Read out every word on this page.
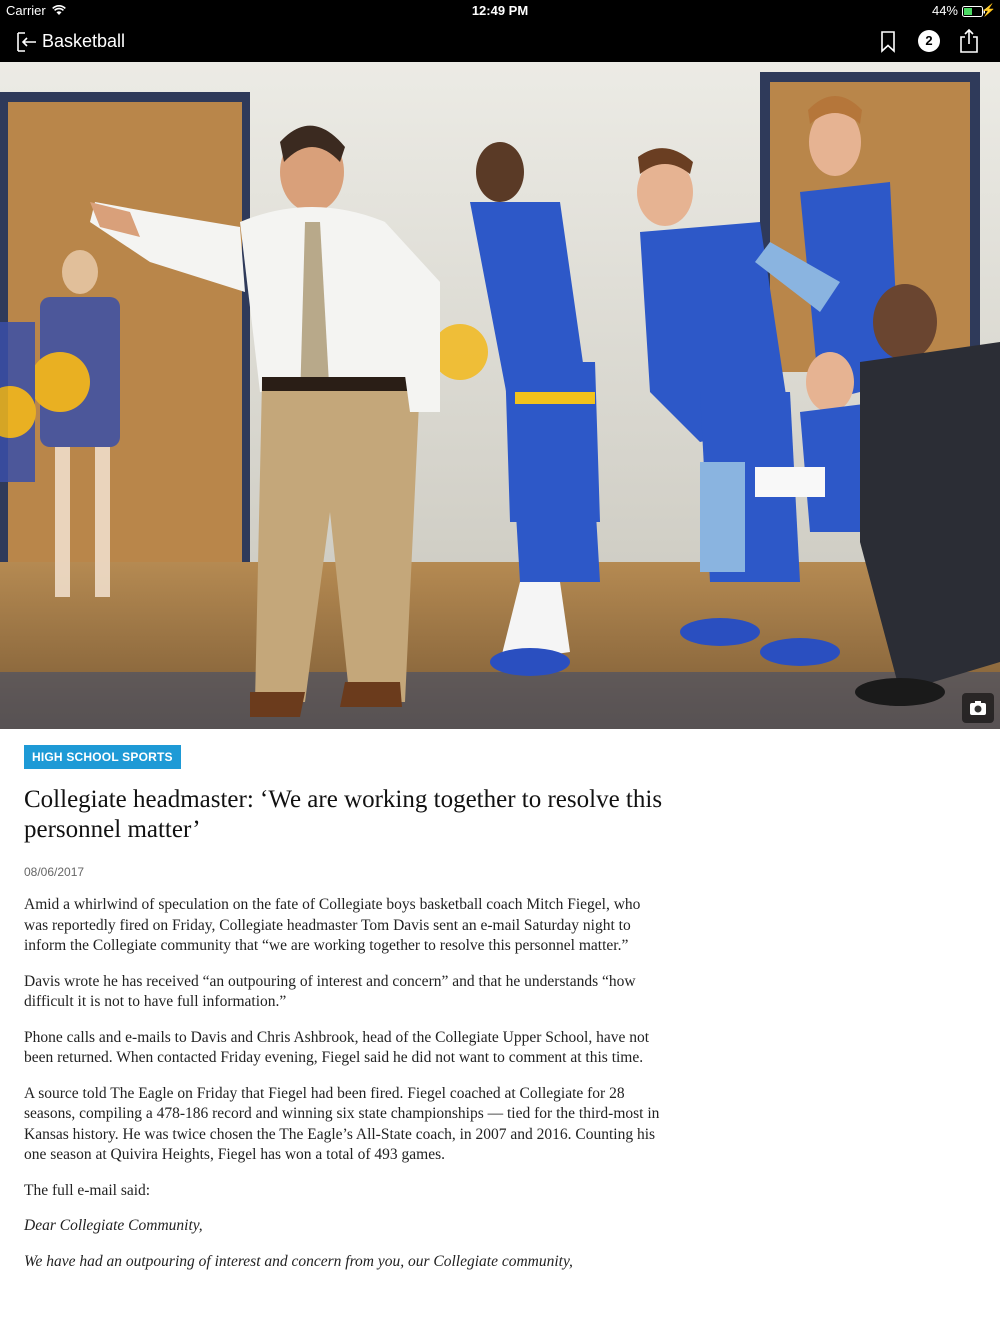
Carrier	12:49 PM	44% ⚡
Basketball	2
HIGH SCHOOL SPORTS
Collegiate headmaster: ‘We are working together to resolve this personnel matter’
08/06/2017

Amid a whirlwind of speculation on the fate of Collegiate boys basketball coach Mitch Fiegel, who was reportedly fired on Friday, Collegiate headmaster Tom Davis sent an e-mail Saturday night to inform the Collegiate community that “we are working together to resolve this personnel matter.”

Davis wrote he has received “an outpouring of interest and concern” and that he understands “how difficult it is not to have full information.”

Phone calls and e-mails to Davis and Chris Ashbrook, head of the Collegiate Upper School, have not been returned. When contacted Friday evening, Fiegel said he did not want to comment at this time.

A source told The Eagle on Friday that Fiegel had been fired. Fiegel coached at Collegiate for 28 seasons, compiling a 478-186 record and winning six state championships — tied for the third-most in Kansas history. He was twice chosen the The Eagle’s All-State coach, in 2007 and 2016. Counting his one season at Quivira Heights, Fiegel has won a total of 493 games.

The full e-mail said:

Dear Collegiate Community,

We have had an outpouring of interest and concern from you, our Collegiate community,
